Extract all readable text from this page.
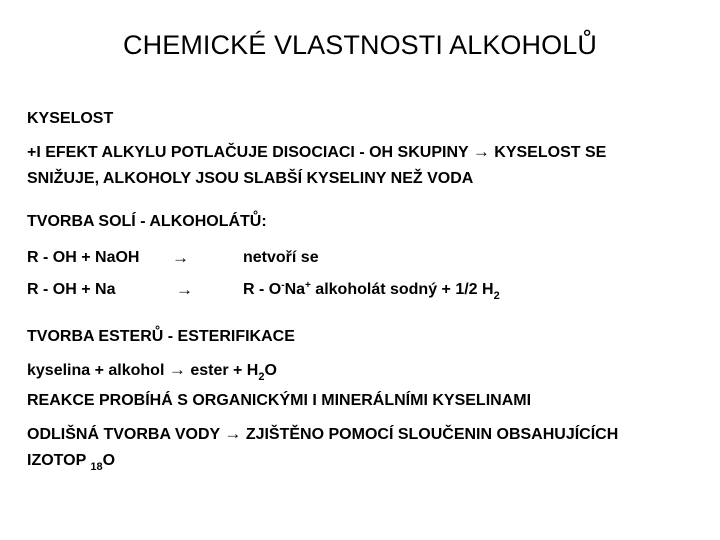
CHEMICKÉ VLASTNOSTI ALKOHOLŮ
KYSELOST
+I EFEKT ALKYLU POTLAČUJE DISOCIACI - OH SKUPINY → KYSELOST SE
SNIŽUJE, ALKOHOLY JSOU SLABŠÍ KYSELINY NEŽ VODA
TVORBA SOLÍ - ALKOHOLÁTŮ:
R - OH + NaOH →	netvoří se
R - OH + Na	→	R - O-Na+ alkoholát sodný + 1/2 $H_2$
TVORBA ESTERŮ - ESTERIFIKACE
kyselina + alkohol → ester + $H_2O$
REAKCE PROBÍHÁ S ORGANICKÝMI I MINERÁLNÍMI KYSELINAMI
ODLIŠNÁ TVORBA VODY → ZJIŠTĚNO POMOCÍ SLOUČENIN OBSAHUJÍCÍCH
IZOTOP $_{18}$O
